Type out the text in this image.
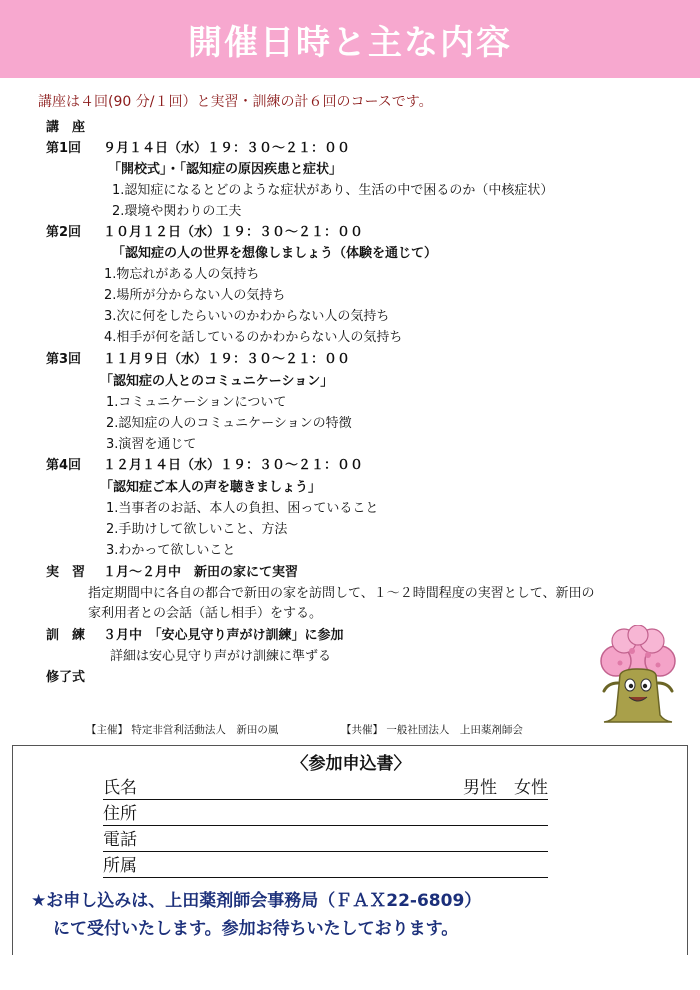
開催日時と主な内容
講座は４回(90 分/１回）と実習・訓練の計６回のコースです。
講　座
第1回 ９月１４日（水）１９：３０～２１：００
「開校式」・「認知症の原因疾患と症状」
1.認知症になるとどのような症状があり、生活の中で困るのか（中核症状）
2.環境や関わりの工夫
第2回 １０月１２日（水）１９：３０～２１：００
「認知症の人の世界を想像しましょう（体験を通じて）
1.物忘れがある人の気持ち
2.場所が分からない人の気持ち
3.次に何をしたらいいのかわからない人の気持ち
4.相手が何を話しているのかわからない人の気持ち
第3回 １１月９日（水）１９：３０～２１：００
「認知症の人とのコミュニケーション」
1.コミュニケーションについて
2.認知症の人のコミュニケーションの特徴
3.演習を通じて
第4回 １２月１４日（水）１９：３０～２１：００
「認知症ご本人の声を聴きましょう」
1.当事者のお話、本人の負担、困っていること
2.手助けして欲しいこと、方法
3.わかって欲しいこと
実　習 １月～２月中　新田の家にて実習
指定期間中に各自の都合で新田の家を訪問して、１～２時間程度の実習として、新田の
家利用者との会話（話し相手）をする。
訓　練 ３月中　「安心見守り声がけ訓練」に参加
詳細は安心見守り声がけ訓練に準ずる
修了式
【主催】 特定非営利活動法人　新田の風	【共催】 一般社団法人　上田薬剤師会
〈参加申込書〉
氏名	男性　女性
住所
電話
所属
★お申し込みは、上田薬剤師会事務局（ＦＡＸ22-6809）
にて受付いたします。参加お待ちいたしております。
